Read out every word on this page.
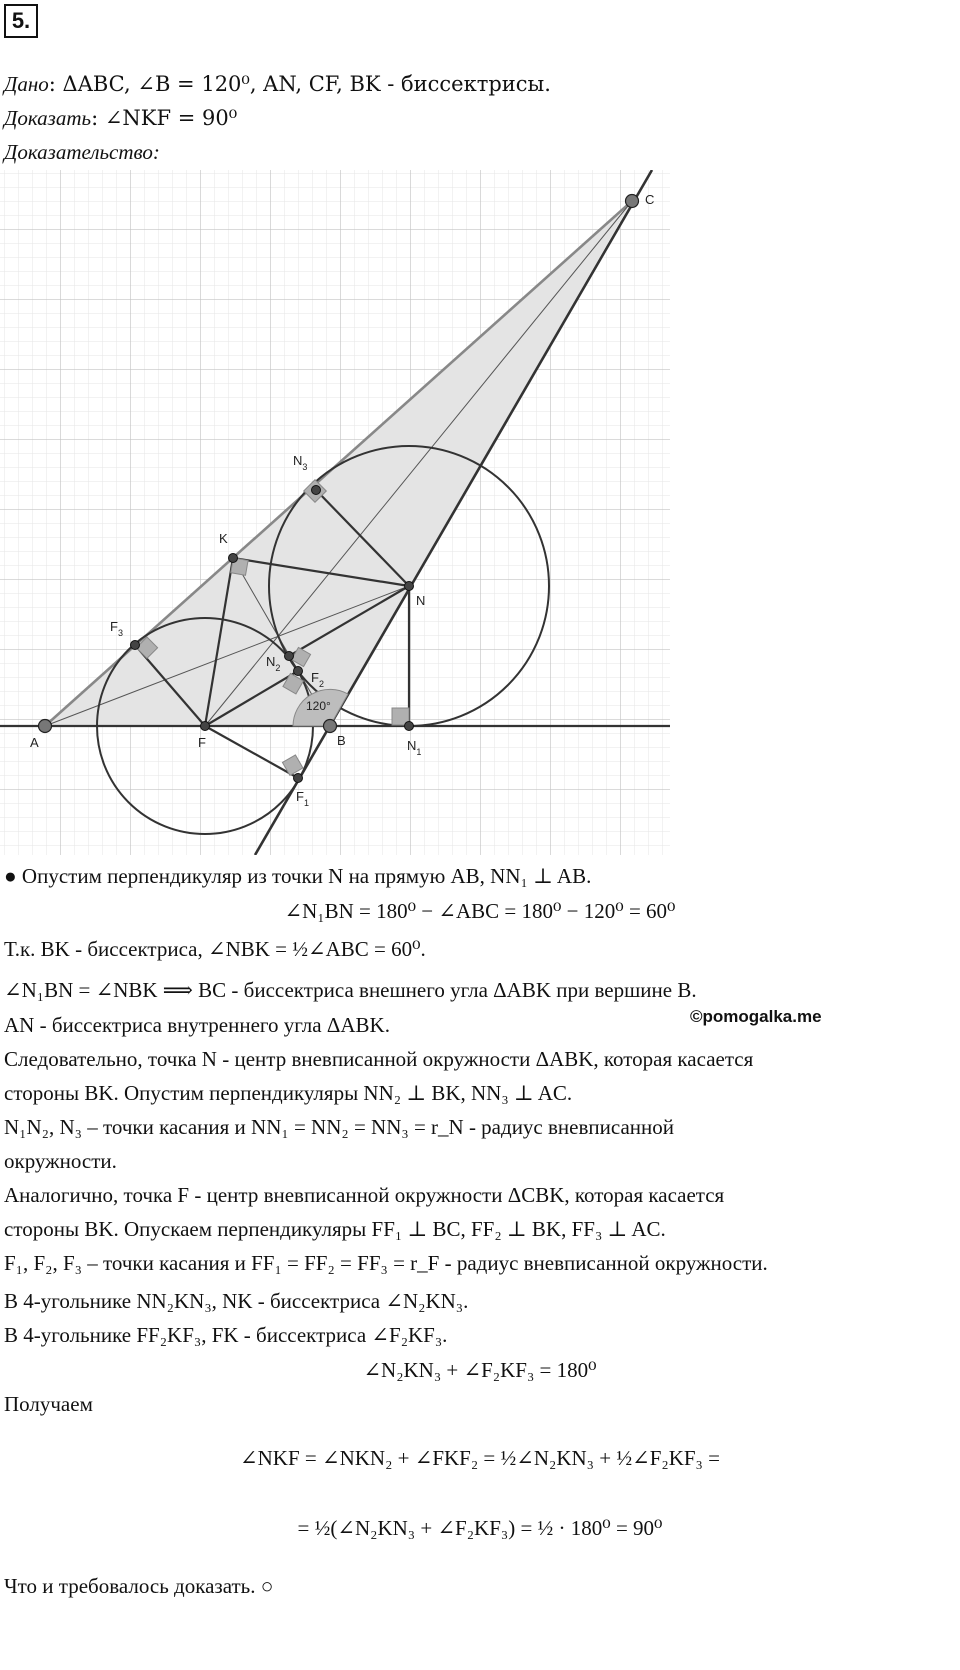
5.
Дано: ΔABC, ∠B = 120⁰, AN, CF, BK - биссектрисы.
Доказать: ∠NKF = 90⁰
Доказательство:
A	B
C
K
N
F	$N_1$
$N_2$
$N_3$
$F_1$
$F_2$
$F_3$
120°
● Опустим перпендикуляр из точки N на прямую AB, NN₁ ⊥ AB.
∠N₁BN = 180⁰ − ∠ABC = 180⁰ − 120⁰ = 60⁰
Т.к. BK - биссектриса, ∠NBK = ½∠ABC = 60⁰.
∠N₁BN = ∠NBK ⟹ BC - биссектриса внешнего угла ΔABK при вершине B.
AN - биссектриса внутреннего угла ΔABK.	©pomogalka.me
Следовательно, точка N - центр вневписанной окружности ΔABK, которая касается
стороны BK. Опустим перпендикуляры NN₂ ⊥ BK, NN₃ ⊥ AC.
N₁N₂, N₃ – точки касания и NN₁ = NN₂ = NN₃ = r_N - радиус вневписанной
окружности.
Аналогично, точка F - центр вневписанной окружности ΔCBK, которая касается
стороны BK. Опускаем перпендикуляры FF₁ ⊥ BC, FF₂ ⊥ BK, FF₃ ⊥ AC.
F₁, F₂, F₃ – точки касания и FF₁ = FF₂ = FF₃ = r_F - радиус вневписанной окружности.
В 4-угольнике NN₂KN₃, NK - биссектриса ∠N₂KN₃.
В 4-угольнике FF₂KF₃, FK - биссектриса ∠F₂KF₃.
∠N₂KN₃ + ∠F₂KF₃ = 180⁰
Получаем
∠NKF = ∠NKN₂ + ∠FKF₂ = ½∠N₂KN₃ + ½∠F₂KF₃ =
= ½(∠N₂KN₃ + ∠F₂KF₃) = ½ · 180⁰ = 90⁰
Что и требовалось доказать. ○
